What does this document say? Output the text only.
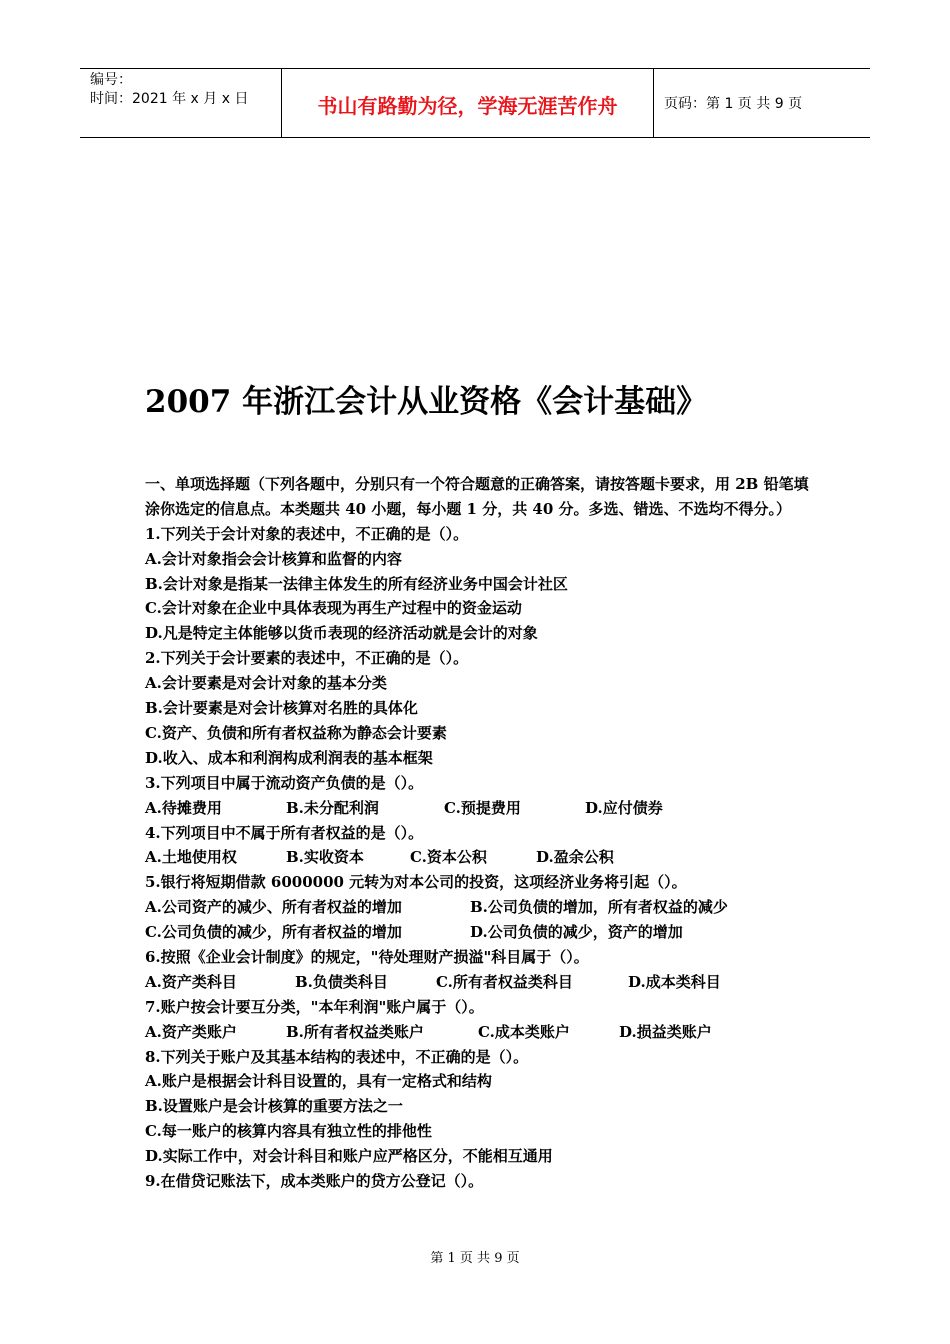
编号：
时间：2021 年 x 月 x 日	书山有路勤为径，学海无涯苦作舟	页码：第 1 页 共 9 页
2007 年浙江会计从业资格《会计基础》
一、单项选择题（下列各题中，分别只有一个符合题意的正确答案，请按答题卡要求，用 2B 铅笔填涂你选定的信息点。本类题共 40 小题，每小题 1 分，共 40 分。多选、错选、不选均不得分。）
1.下列关于会计对象的表述中，不正确的是（）。
A.会计对象指会会计核算和监督的内容
B.会计对象是指某一法律主体发生的所有经济业务中国会计社区
C.会计对象在企业中具体表现为再生产过程中的资金运动
D.凡是特定主体能够以货币表现的经济活动就是会计的对象
2.下列关于会计要素的表述中，不正确的是（）。
A.会计要素是对会计对象的基本分类
B.会计要素是对会计核算对名胜的具体化
C.资产、负债和所有者权益称为静态会计要素
D.收入、成本和利润构成利润表的基本框架
3.下列项目中属于流动资产负债的是（）。
A.待摊费用	B.未分配利润	C.预提费用	D.应付债券
4.下列项目中不属于所有者权益的是（）。
A.土地使用权	B.实收资本	C.资本公积	D.盈余公积
5.银行将短期借款 6000000 元转为对本公司的投资，这项经济业务将引起（）。
A.公司资产的减少、所有者权益的增加	B.公司负债的增加，所有者权益的减少
C.公司负债的减少，所有者权益的增加	D.公司负债的减少，资产的增加
6.按照《企业会计制度》的规定，"待处理财产损溢"科目属于（）。
A.资产类科目	B.负债类科目	C.所有者权益类科目	D.成本类科目
7.账户按会计要互分类，"本年利润"账户属于（）。
A.资产类账户	B.所有者权益类账户	C.成本类账户	D.损益类账户
8.下列关于账户及其基本结构的表述中，不正确的是（）。
A.账户是根据会计科目设置的，具有一定格式和结构
B.设置账户是会计核算的重要方法之一
C.每一账户的核算内容具有独立性的排他性
D.实际工作中，对会计科目和账户应严格区分，不能相互通用
9.在借贷记账法下，成本类账户的贷方公登记（）。
第 1 页 共 9 页
